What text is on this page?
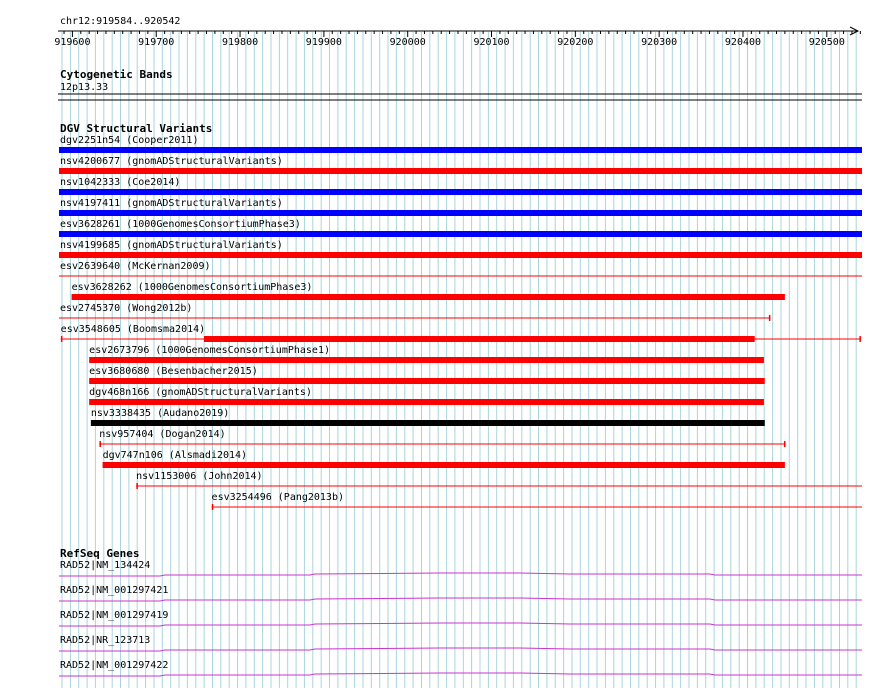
chr12:919584..920542
919600	919700	919800	919900	920000	920100	920200	920300	920400	920500
Cytogenetic Bands
12p13.33
DGV Structural Variants
dgv2251n54 (Cooper2011)
nsv4200677 (gnomADStructuralVariants)
nsv1042333 (Coe2014)
nsv4197411 (gnomADStructuralVariants)
esv3628261 (1000GenomesConsortiumPhase3)
nsv4199685 (gnomADStructuralVariants)
esv2639640 (McKernan2009)
esv3628262 (1000GenomesConsortiumPhase3)
esv2745370 (Wong2012b)
esv3548605 (Boomsma2014)
esv2673796 (1000GenomesConsortiumPhase1)
esv3680680 (Besenbacher2015)
dgv468n166 (gnomADStructuralVariants)
nsv3338435 (Audano2019)
nsv957404 (Dogan2014)
dgv747n106 (Alsmadi2014)
nsv1153006 (John2014)
esv3254496 (Pang2013b)
RefSeq Genes
RAD52|NM_134424
RAD52|NM_001297421
RAD52|NM_001297419
RAD52|NR_123713
RAD52|NM_001297422
